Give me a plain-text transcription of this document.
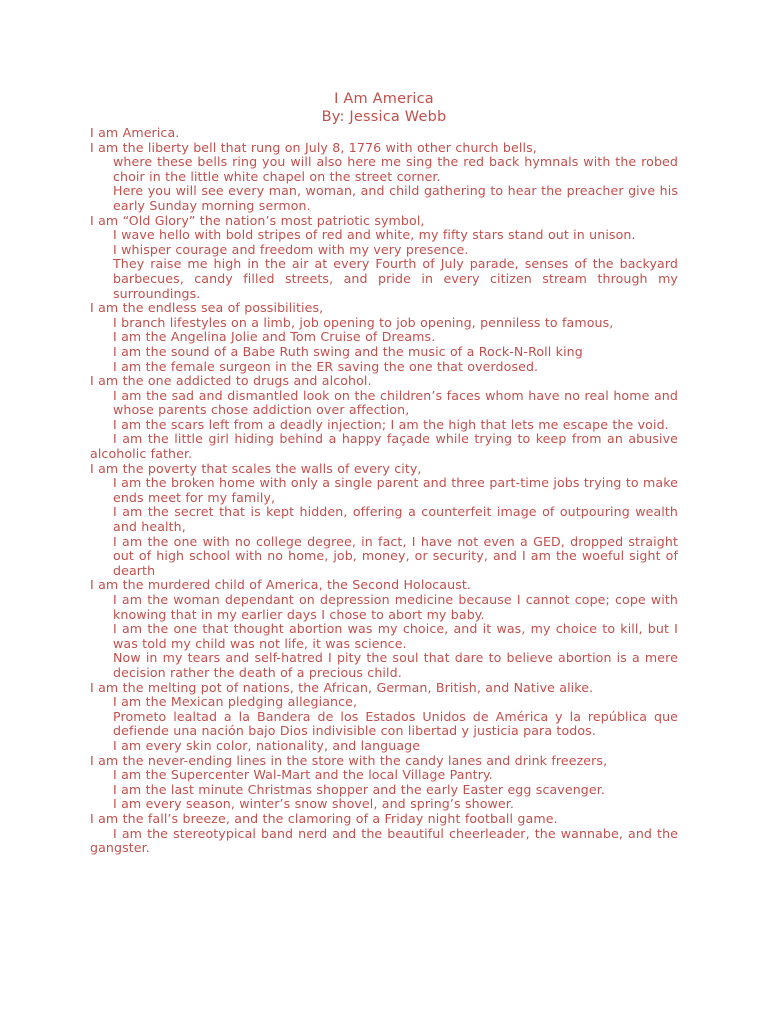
I Am America
By: Jessica Webb

I am America.

I am the liberty bell that rung on July 8, 1776 with other church bells,

where these bells ring you will also here me sing the red back hymnals with the robed choir in the little white chapel on the street corner.

Here you will see every man, woman, and child gathering to hear the preacher give his early Sunday morning sermon.

I am “Old Glory” the nation’s most patriotic symbol,

I wave hello with bold stripes of red and white, my fifty stars stand out in unison.

I whisper courage and freedom with my very presence.

They raise me high in the air at every Fourth of July parade, senses of the backyard barbecues, candy filled streets, and pride in every citizen stream through my surroundings.

I am the endless sea of possibilities,

I branch lifestyles on a limb, job opening to job opening, penniless to famous,

I am the Angelina Jolie and Tom Cruise of Dreams.

I am the sound of a Babe Ruth swing and the music of a Rock-N-Roll king

I am the female surgeon in the ER saving the one that overdosed.

I am the one addicted to drugs and alcohol.

I am the sad and dismantled look on the children’s faces whom have no real home and whose parents chose addiction over affection,

I am the scars left from a deadly injection; I am the high that lets me escape the void.

I am the little girl hiding behind a happy façade while trying to keep from an abusive alcoholic father.

I am the poverty that scales the walls of every city,

I am the broken home with only a single parent and three part-time jobs trying to make ends meet for my family,

I am the secret that is kept hidden, offering a counterfeit image of outpouring wealth and health,

I am the one with no college degree, in fact, I have not even a GED, dropped straight out of high school with no home, job, money, or security, and I am the woeful sight of dearth

I am the murdered child of America, the Second Holocaust.

I am the woman dependant on depression medicine because I cannot cope; cope with knowing that in my earlier days I chose to abort my baby.

I am the one that thought abortion was my choice, and it was, my choice to kill, but I was told my child was not life, it was science.

Now in my tears and self-hatred I pity the soul that dare to believe abortion is a mere decision rather the death of a precious child.

I am the melting pot of nations, the African, German, British, and Native alike.

I am the Mexican pledging allegiance,

Prometo lealtad a la Bandera de los Estados Unidos de América y la república que defiende una nación bajo Dios indivisible con libertad y justicia para todos.

I am every skin color, nationality, and language

I am the never-ending lines in the store with the candy lanes and drink freezers,

I am the Supercenter Wal-Mart and the local Village Pantry.

I am the last minute Christmas shopper and the early Easter egg scavenger.

I am every season, winter’s snow shovel, and spring’s shower.

I am the fall’s breeze, and the clamoring of a Friday night football game.

I am the stereotypical band nerd and the beautiful cheerleader, the wannabe, and the gangster.
